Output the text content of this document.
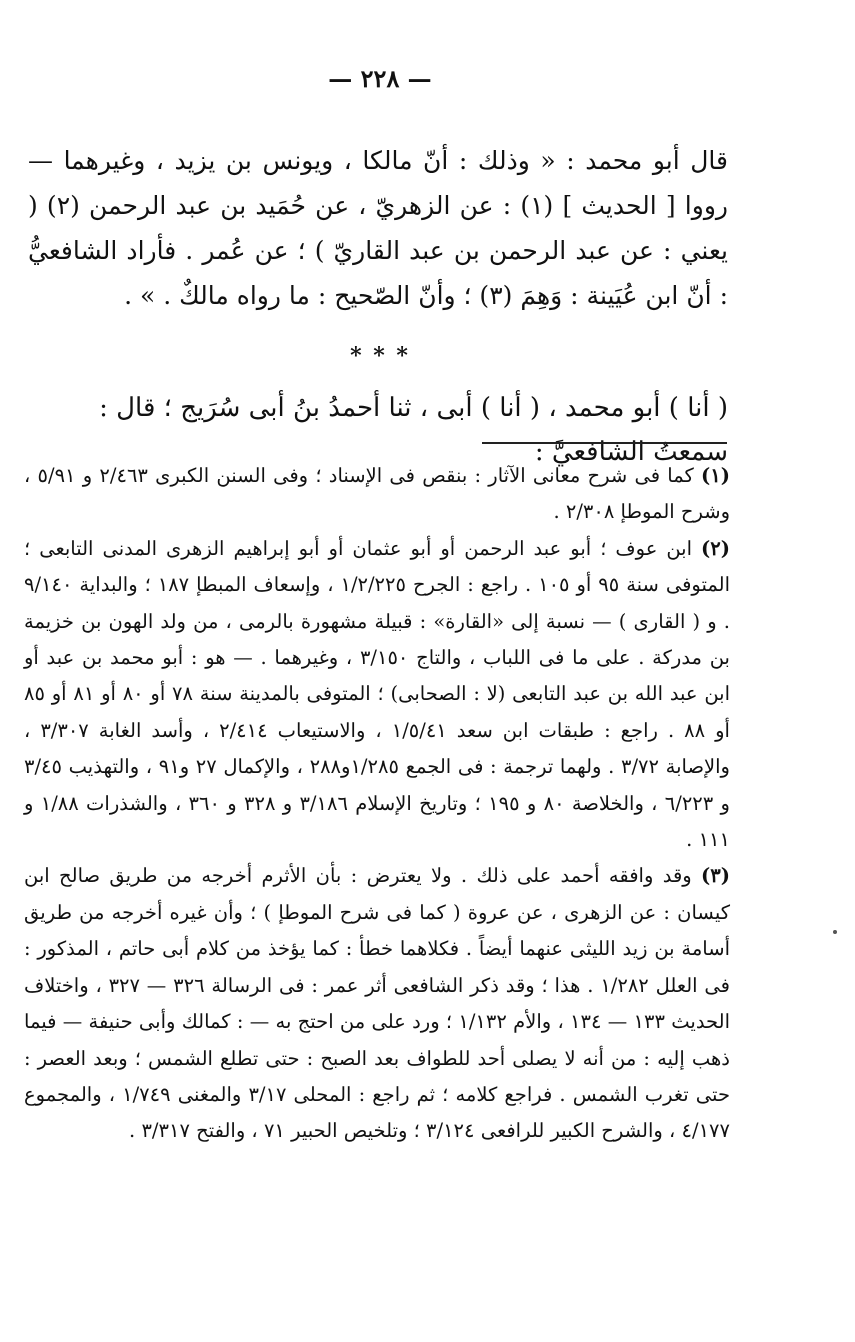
— ٢٢٨ —
قال أبو محمد : « وذلك : أنّ مالكا ، ويونس بن يزيد ، وغيرهما — رووا [ الحديث ] (١) : عن الزهريّ ، عن حُمَيد بن عبد الرحمن (٢) ( يعني : عن عبد الرحمن بن عبد القاريّ ) ؛ عن عُمر . فأراد الشافعيُّ : أنّ ابن عُيَينة : وَهِمَ (٣) ؛ وأنّ الصّحيح : ما رواه مالكٌ . » .
* * *
( أنا ) أبو محمد ، ( أنا ) أبى ، ثنا أحمدُ بنُ أبى سُرَيج ؛ قال : سمعتُ الشافعيَّ :

(١) كما فى شرح معانى الآثار : بنقص فى الإسناد ؛ وفى السنن الكبرى ٢/٤٦٣ و ٥/٩١ ، وشرح الموطإ ٢/٣٠٨ .

(٢) ابن عوف ؛ أبو عبد الرحمن أو أبو عثمان أو أبو إبراهيم الزهرى المدنى التابعى ؛ المتوفى سنة ٩٥ أو ١٠٥ . راجع : الجرح ١/٢/٢٢٥ ، وإسعاف المبطإ ١٨٧ ؛ والبداية ٩/١٤٠ . و ( القارى ) — نسبة إلى «القارة» : قبيلة مشهورة بالرمى ، من ولد الهون بن خزيمة بن مدركة . على ما فى اللباب ، والتاج ٣/١٥٠ ، وغيرهما . — هو : أبو محمد بن عبد أو ابن عبد الله بن عبد التابعى (لا : الصحابى) ؛ المتوفى بالمدينة سنة ٧٨ أو ٨٠ أو ٨١ أو ٨٥ أو ٨٨ . راجع : طبقات ابن سعد ١/٥/٤١ ، والاستيعاب ٢/٤١٤ ، وأسد الغابة ٣/٣٠٧ ، والإصابة ٣/٧٢ . ولهما ترجمة : فى الجمع ١/٢٨٥و٢٨٨ ، والإكمال ٢٧ و٩١ ، والتهذيب ٣/٤٥ و ٦/٢٢٣ ، والخلاصة ٨٠ و ١٩٥ ؛ وتاريخ الإسلام ٣/١٨٦ و ٣٢٨ و ٣٦٠ ، والشذرات ١/٨٨ و ١١١ .

(٣) وقد وافقه أحمد على ذلك . ولا يعترض : بأن الأثرم أخرجه من طريق صالح ابن كيسان : عن الزهرى ، عن عروة ( كما فى شرح الموطإ ) ؛ وأن غيره أخرجه من طريق أسامة بن زيد الليثى عنهما أيضاً . فكلاهما خطأ : كما يؤخذ من كلام أبى حاتم ، المذكور : فى العلل ١/٢٨٢ . هذا ؛ وقد ذكر الشافعى أثر عمر : فى الرسالة ٣٢٦ — ٣٢٧ ، واختلاف الحديث ١٣٣ — ١٣٤ ، والأم ١/١٣٢ ؛ ورد على من احتج به — : كمالك وأبى حنيفة — فيما ذهب إليه : من أنه لا يصلى أحد للطواف بعد الصبح : حتى تطلع الشمس ؛ وبعد العصر : حتى تغرب الشمس . فراجع كلامه ؛ ثم راجع : المحلى ٣/١٧ والمغنى ١/٧٤٩ ، والمجموع ٤/١٧٧ ، والشرح الكبير للرافعى ٣/١٢٤ ؛ وتلخيص الحبير ٧١ ، والفتح ٣/٣١٧ .
